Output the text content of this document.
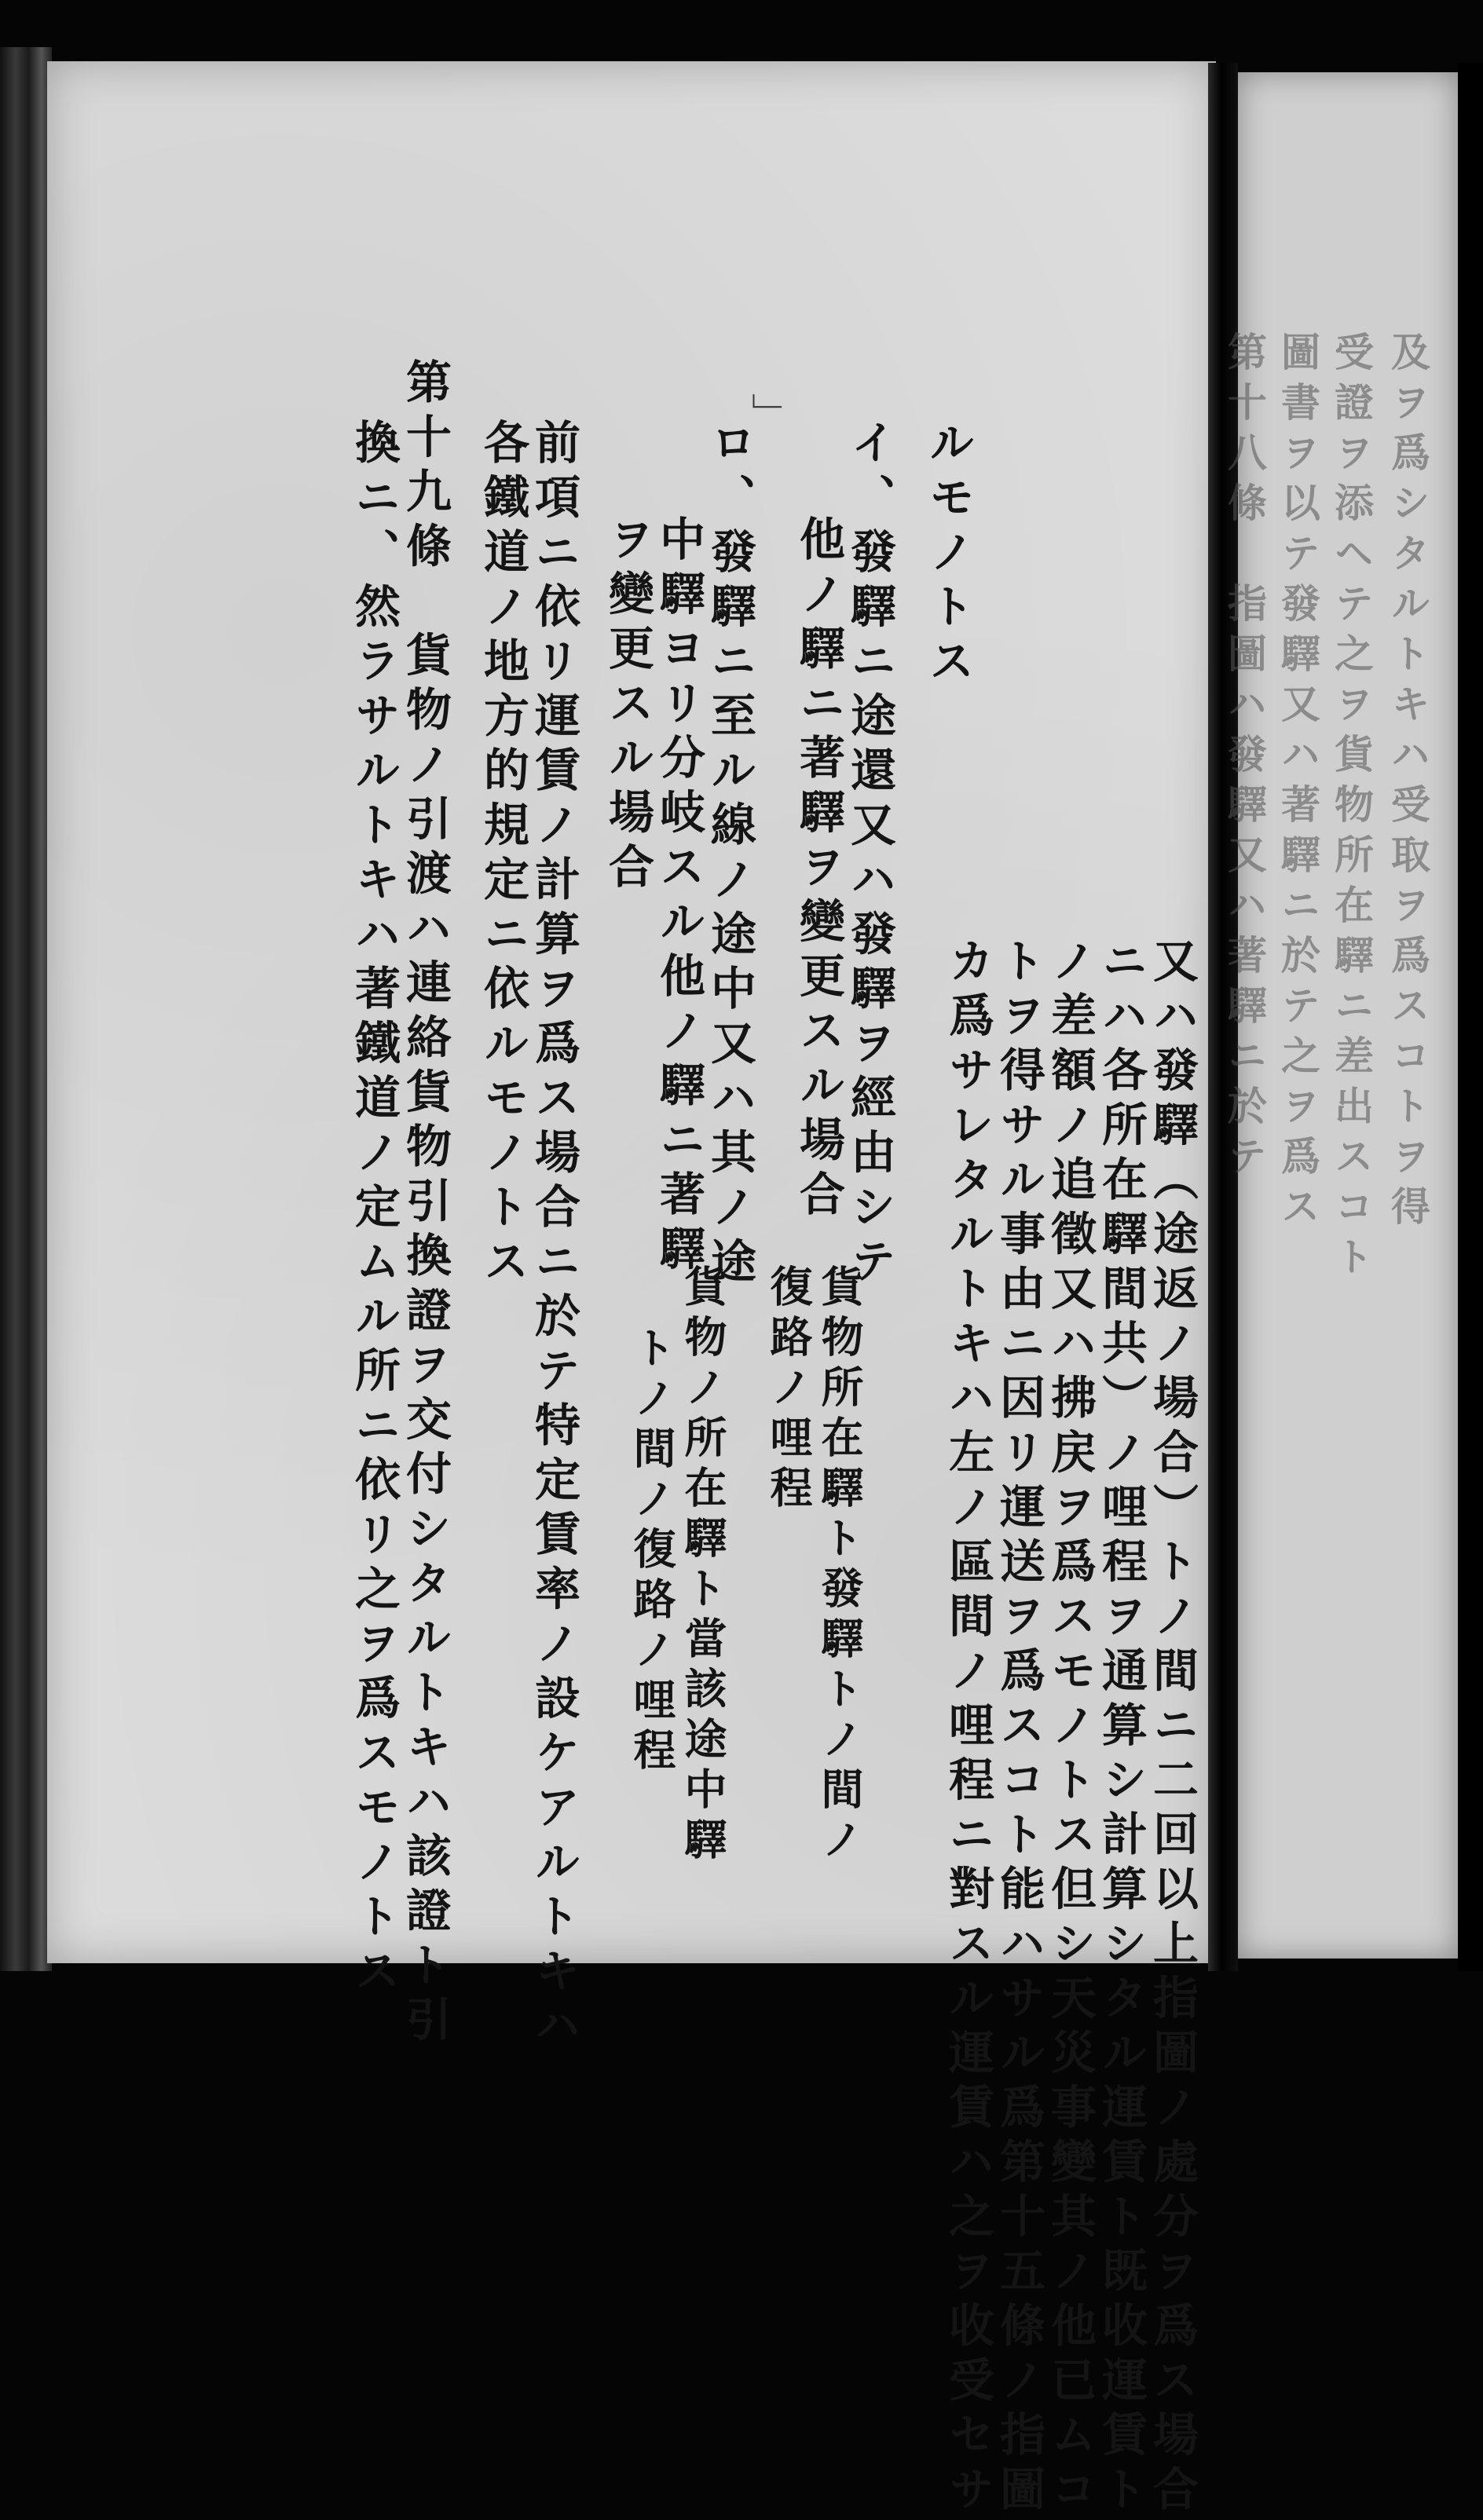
又ハ發驛（途返ノ場合）トノ間ニ二回以上指圖ノ處分ヲ爲ス場合
ニハ各所在驛間共）ノ哩程ヲ通算シ計算シタル運賃ト既收運賃ト
ノ差額ノ追徵又ハ拂戻ヲ爲スモノトス但シ天災事變其ノ他已ムコ
トヲ得サル事由ニ因リ運送ヲ爲スコト能ハサル爲第十五條ノ指圖
カ爲サレタルトキハ左ノ區間ノ哩程ニ對スル運賃ハ之ヲ收受セサ
ルモノトス
イ、發驛ニ途還又ハ發驛ヲ經由シテ
他ノ驛ニ著驛ヲ變更スル場合
ロ、發驛ニ至ル線ノ途中又ハ其ノ途
中驛ヨリ分岐スル他ノ驛ニ著驛
ヲ變更スル場合
前項ニ依リ運賃ノ計算ヲ爲ス場合ニ於テ特定賃率ノ設ケアルトキハ
各鐵道ノ地方的規定ニ依ルモノトス
第十九條　貨物ノ引渡ハ連絡貨物引換證ヲ交付シタルトキハ該證ト引
換ニ、然ラサルトキハ著鐵道ノ定ムル所ニ依リ之ヲ爲スモノトス	貨物所在驛ト發驛トノ間ノ
復路ノ哩程
貨物ノ所在驛ト當該途中驛
トノ間ノ復路ノ哩程
」	及ヲ爲シタルトキハ受取ヲ爲スコトヲ得
受證ヲ添ヘテ之ヲ貨物所在驛ニ差出スコト
圖書ヲ以テ發驛又ハ著驛ニ於テ之ヲ爲ス
第十八條　指圖ハ發驛又ハ著驛ニ於テ
